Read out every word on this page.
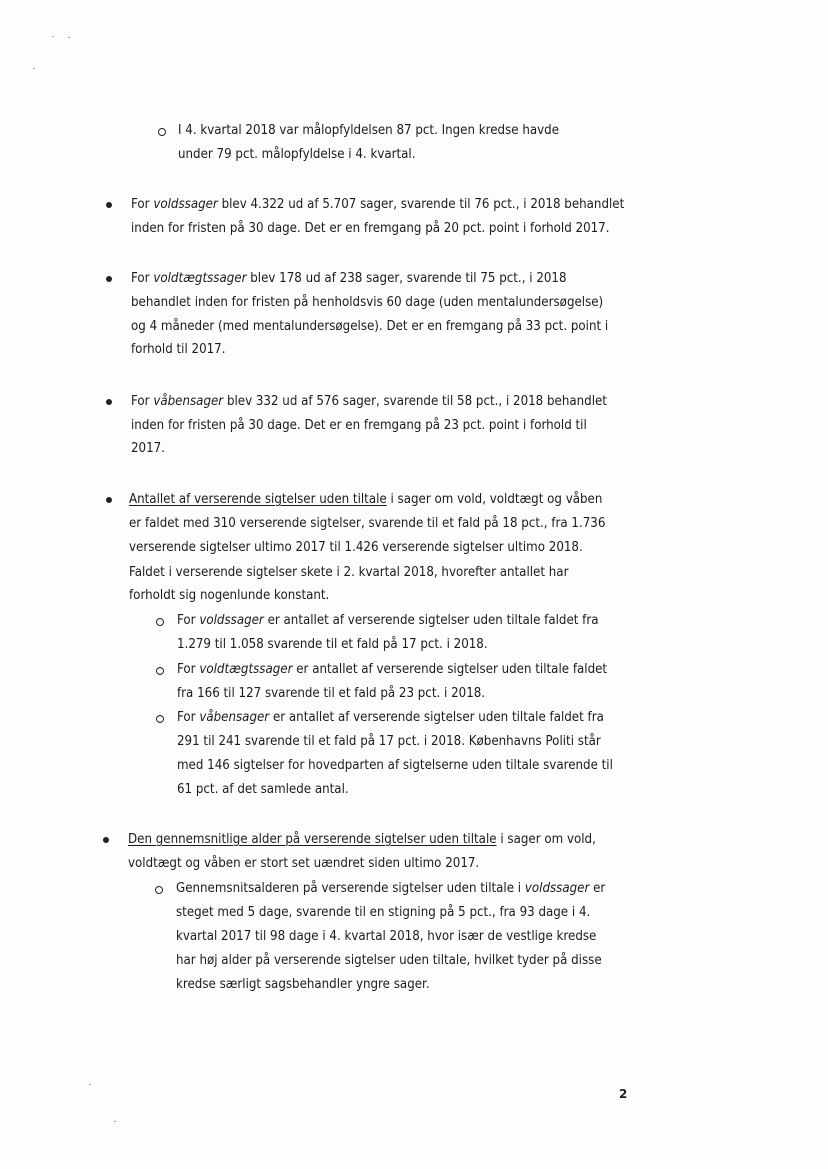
2
I 4. kvartal 2018 var målopfyldelsen 87 pct. Ingen kredse havde
under 79 pct. målopfyldelse i 4. kvartal.
For voldssager blev 4.322 ud af 5.707 sager, svarende til 76 pct., i 2018 behandlet
inden for fristen på 30 dage. Det er en fremgang på 20 pct. point i forhold 2017.
For voldtægtssager blev 178 ud af 238 sager, svarende til 75 pct., i 2018
behandlet inden for fristen på henholdsvis 60 dage (uden mentalundersøgelse)
og 4 måneder (med mentalundersøgelse). Det er en fremgang på 33 pct. point i
forhold til 2017.
For våbensager blev 332 ud af 576 sager, svarende til 58 pct., i 2018 behandlet
inden for fristen på 30 dage. Det er en fremgang på 23 pct. point i forhold til
2017.
Antallet af verserende sigtelser uden tiltale i sager om vold, voldtægt og våben
er faldet med 310 verserende sigtelser, svarende til et fald på 18 pct., fra 1.736
verserende sigtelser ultimo 2017 til 1.426 verserende sigtelser ultimo 2018.
Faldet i verserende sigtelser skete i 2. kvartal 2018, hvorefter antallet har
forholdt sig nogenlunde konstant.
For voldssager er antallet af verserende sigtelser uden tiltale faldet fra
1.279 til 1.058 svarende til et fald på 17 pct. i 2018.
For voldtægtssager er antallet af verserende sigtelser uden tiltale faldet
fra 166 til 127 svarende til et fald på 23 pct. i 2018.
For våbensager er antallet af verserende sigtelser uden tiltale faldet fra
291 til 241 svarende til et fald på 17 pct. i 2018. Københavns Politi står
med 146 sigtelser for hovedparten af sigtelserne uden tiltale svarende til
61 pct. af det samlede antal.
Den gennemsnitlige alder på verserende sigtelser uden tiltale i sager om vold,
voldtægt og våben er stort set uændret siden ultimo 2017.
Gennemsnitsalderen på verserende sigtelser uden tiltale i voldssager er
steget med 5 dage, svarende til en stigning på 5 pct., fra 93 dage i 4.
kvartal 2017 til 98 dage i 4. kvartal 2018, hvor især de vestlige kredse
har høj alder på verserende sigtelser uden tiltale, hvilket tyder på disse
kredse særligt sagsbehandler yngre sager.
